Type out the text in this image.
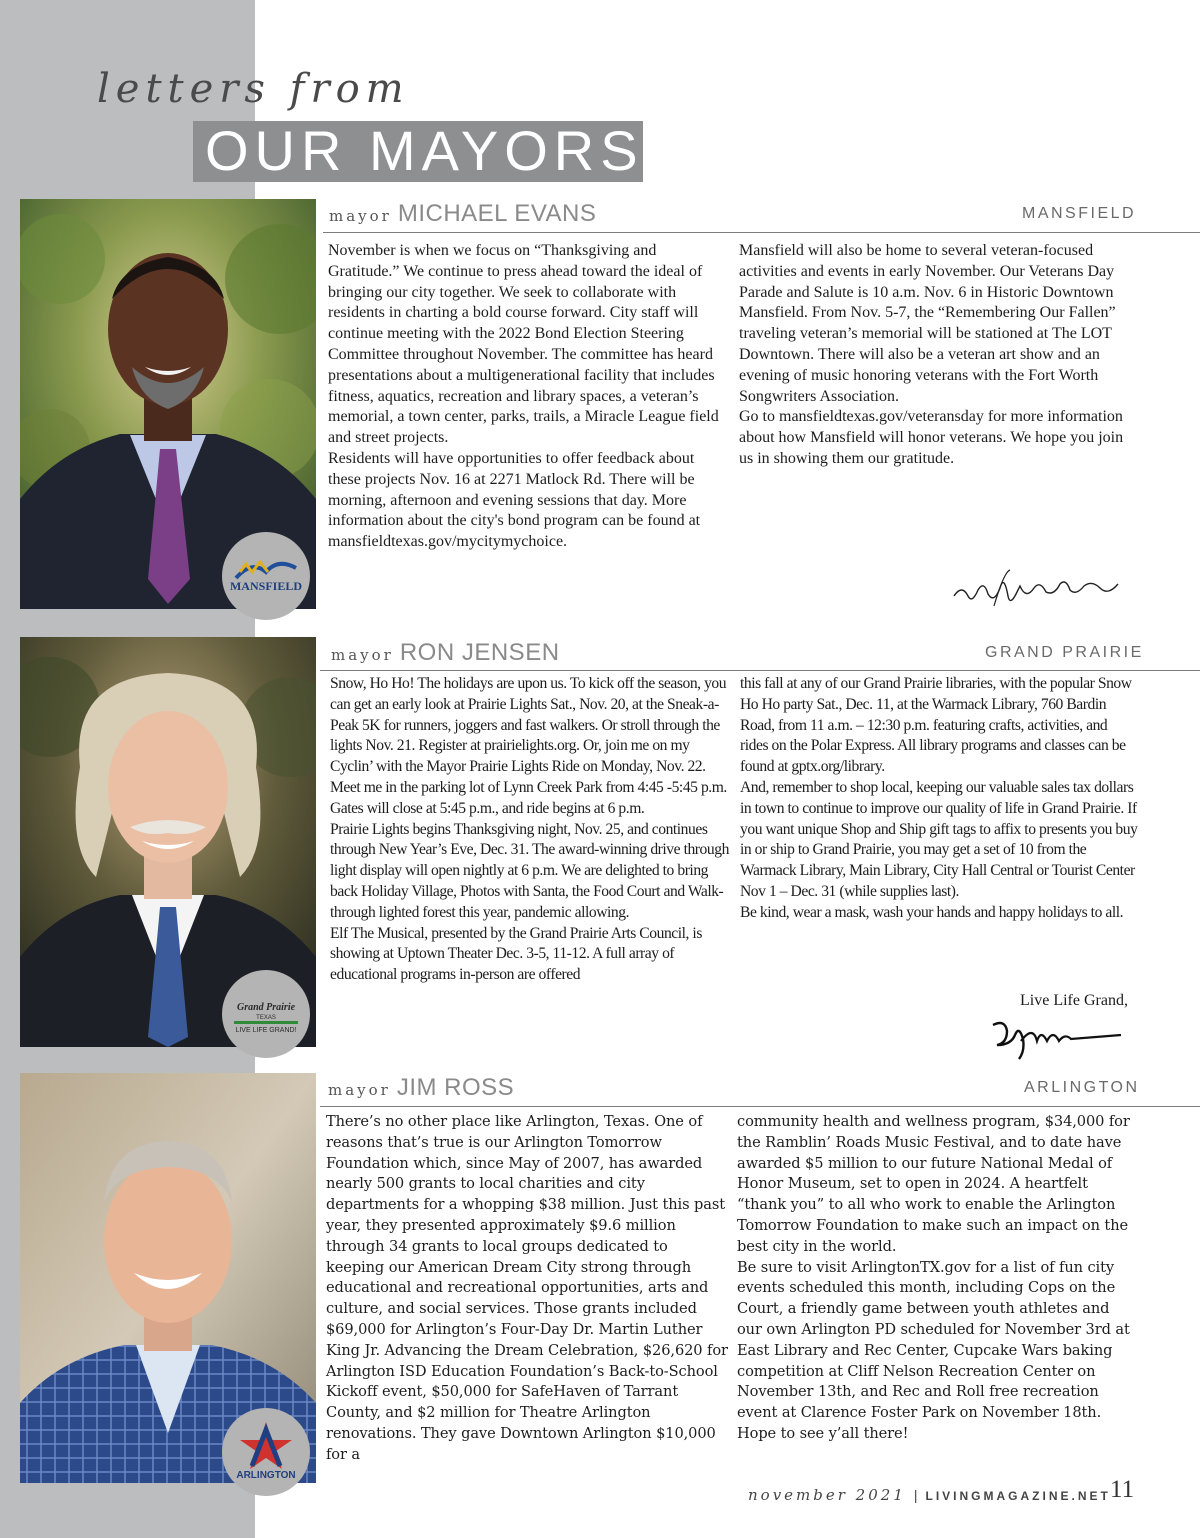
letters from
OUR MAYORS
MANSFIELD
mayor MICHAEL EVANS	MANSFIELD

November is when we focus on “Thanksgiving and Gratitude.” We continue to press ahead toward the ideal of bringing our city together. We seek to collaborate with residents in charting a bold course forward. City staff will continue meeting with the 2022 Bond Election Steering Committee throughout November. The committee has heard presentations about a multigenerational facility that includes fitness, aquatics, recreation and library spaces, a veteran’s memorial, a town center, parks, trails, a Miracle League field and street projects.

Residents will have opportunities to offer feedback about these projects Nov. 16 at 2271 Matlock Rd. There will be morning, afternoon and evening sessions that day. More information about the city's bond program can be found at mansfieldtexas.gov/mycitymychoice.

Mansfield will also be home to several veteran-focused activities and events in early November. Our Veterans Day Parade and Salute is 10 a.m. Nov. 6 in Historic Downtown Mansfield. From Nov. 5-7, the “Remembering Our Fallen” traveling veteran’s memorial will be stationed at The LOT Downtown. There will also be a veteran art show and an evening of music honoring veterans with the Fort Worth Songwriters Association.

Go to mansfieldtexas.gov/veteransday for more information about how Mansfield will honor veterans. We hope you join us in showing them our gratitude.

Grand Prairie
TEXAS
LIVE LIFE GRAND!
mayor RON JENSEN	GRAND PRAIRIE

Snow, Ho Ho! The holidays are upon us. To kick off the season, you can get an early look at Prairie Lights Sat., Nov. 20, at the Sneak-a-Peak 5K for runners, joggers and fast walkers. Or stroll through the lights Nov. 21. Register at prairielights.org. Or, join me on my Cyclin’ with the Mayor Prairie Lights Ride on Monday, Nov. 22. Meet me in the parking lot of Lynn Creek Park from 4:45 -5:45 p.m. Gates will close at 5:45 p.m., and ride begins at 6 p.m.

Prairie Lights begins Thanksgiving night, Nov. 25, and continues through New Year’s Eve, Dec. 31. The award-winning drive through light display will open nightly at 6 p.m. We are delighted to bring back Holiday Village, Photos with Santa, the Food Court and Walk-through lighted forest this year, pandemic allowing.

Elf The Musical, presented by the Grand Prairie Arts Council, is showing at Uptown Theater Dec. 3-5, 11-12. A full array of educational programs in-person are offered

this fall at any of our Grand Prairie libraries, with the popular Snow Ho Ho party Sat., Dec. 11, at the Warmack Library, 760 Bardin Road, from 11 a.m. – 12:30 p.m. featuring crafts, activities, and rides on the Polar Express. All library programs and classes can be found at gptx.org/library.

And, remember to shop local, keeping our valuable sales tax dollars in town to continue to improve our quality of life in Grand Prairie. If you want unique Shop and Ship gift tags to affix to presents you buy in or ship to Grand Prairie, you may get a set of 10 from the Warmack Library, Main Library, City Hall Central or Tourist Center Nov 1 – Dec. 31 (while supplies last).

Be kind, wear a mask, wash your hands and happy holidays to all.

Live Life Grand,
ARLINGTON
mayor JIM ROSS	ARLINGTON

There’s no other place like Arlington, Texas. One of reasons that’s true is our Arlington Tomorrow Foundation which, since May of 2007, has awarded nearly 500 grants to local charities and city departments for a whopping $38 million. Just this past year, they presented approximately $9.6 million through 34 grants to local groups dedicated to keeping our American Dream City strong through educational and recreational opportunities, arts and culture, and social services. Those grants included $69,000 for Arlington’s Four-Day Dr. Martin Luther King Jr. Advancing the Dream Celebration, $26,620 for Arlington ISD Education Foundation’s Back-to-School Kickoff event, $50,000 for SafeHaven of Tarrant County, and $2 million for Theatre Arlington renovations. They gave Downtown Arlington $10,000 for a

community health and wellness program, $34,000 for the Ramblin’ Roads Music Festival, and to date have awarded $5 million to our future National Medal of Honor Museum, set to open in 2024. A heartfelt “thank you” to all who work to enable the Arlington Tomorrow Foundation to make such an impact on the best city in the world.

Be sure to visit ArlingtonTX.gov for a list of fun city events scheduled this month, including Cops on the Court, a friendly game between youth athletes and our own Arlington PD scheduled for November 3rd at East Library and Rec Center, Cupcake Wars baking competition at Cliff Nelson Recreation Center on November 13th, and Rec and Roll free recreation event at Clarence Foster Park on November 18th. Hope to see y’all there!

november 2021 | LIVINGMAGAZINE.NET 11
